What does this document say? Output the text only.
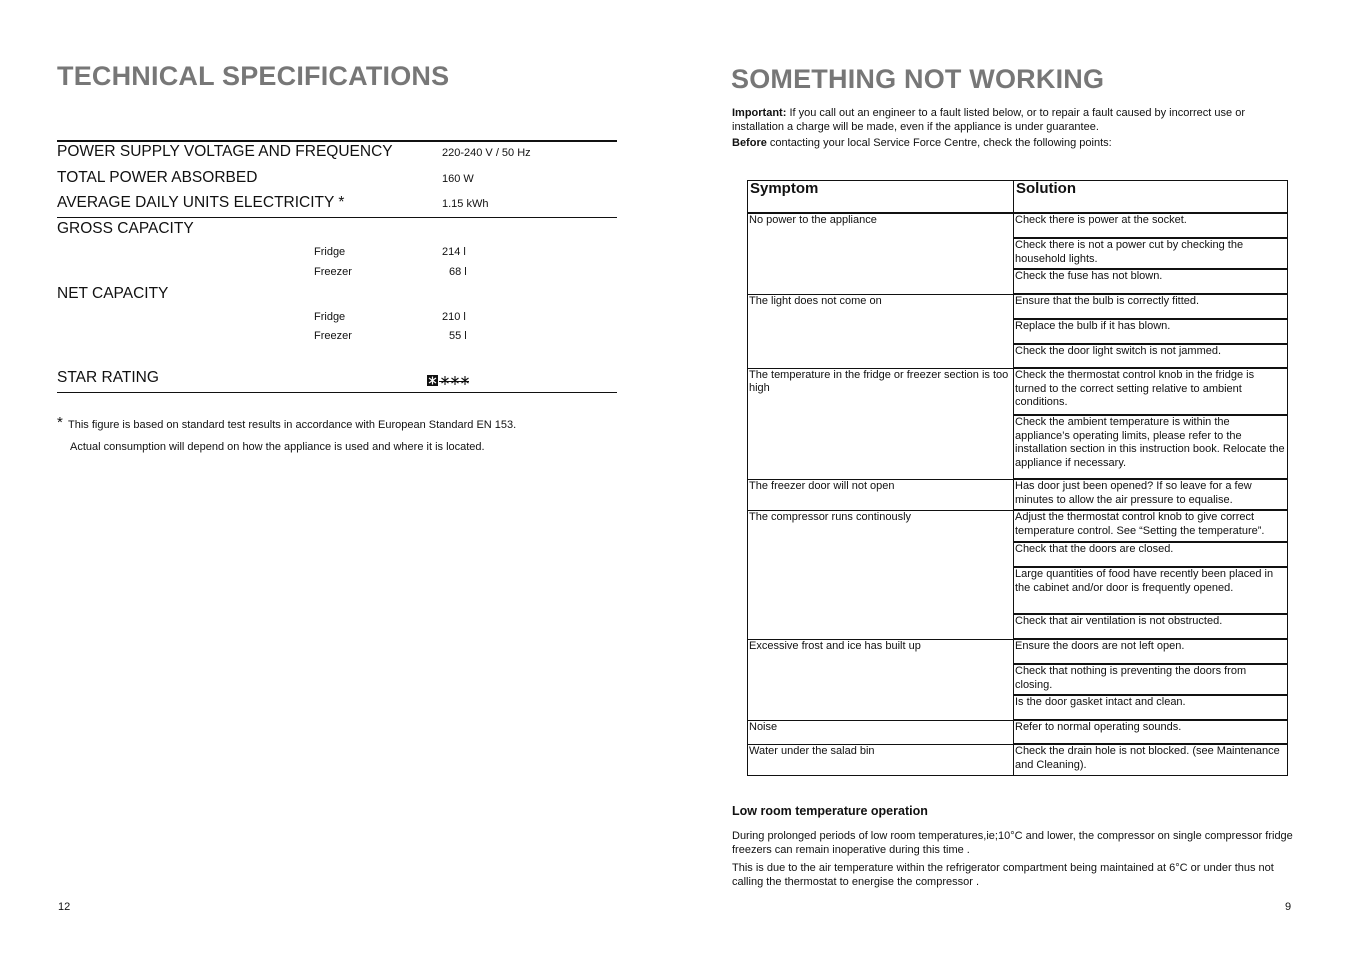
TECHNICAL SPECIFICATIONS
POWER SUPPLY VOLTAGE AND FREQUENCY	220-240 V / 50 Hz
TOTAL POWER ABSORBED	160 W
AVERAGE DAILY UNITS ELECTRICITY *	1.15 kWh
GROSS CAPACITY
Fridge	214 l
Freezer	68 l
NET CAPACITY
Fridge	210 l
Freezer	55 l
STAR RATING
* This figure is based on standard test results in accordance with European Standard EN 153.
Actual consumption will depend on how the appliance is used and where it is located.
12
SOMETHING NOT WORKING

Important: If you call out an engineer to a fault listed below, or to repair a fault caused by incorrect use or installation a charge will be made, even if the appliance is under guarantee.

Before contacting your local Service Force Centre, check the following points:

Symptom	Solution
No power to the appliance	Check there is power at the socket.
	Check there is not a power cut by checking the household lights.
	Check the fuse has not blown.
The light does not come on	Ensure that the bulb is correctly fitted.
	Replace the bulb if it has blown.
	Check the door light switch is not jammed.
The temperature in the fridge or freezer section is too high	Check the thermostat control knob in the fridge is turned to the correct setting relative to ambient conditions.
	Check the ambient temperature is within the appliance’s operating limits, please refer to the installation section in this instruction book. Relocate the appliance if necessary.
The freezer door will not open	Has door just been opened? If so leave for a few minutes to allow the air pressure to equalise.
The compressor runs continously	Adjust the thermostat control knob to give correct temperature control. See “Setting the temperature”.
	Check that the doors are closed.
	Large quantities of food have recently been placed in the cabinet and/or door is frequently opened.
	Check that air ventilation is not obstructed.
Excessive frost and ice has built up	Ensure the doors are not left open.
	Check that nothing is preventing the doors from closing.
	Is the door gasket intact and clean.
Noise	Refer to normal operating sounds.
Water under the salad bin	Check the drain hole is not blocked. (see Maintenance and Cleaning).
Low room temperature operation
During prolonged periods of low room temperatures,ie;10°C and lower, the compressor on single compressor fridge freezers can remain inoperative during this time .
This is due to the air temperature within the refrigerator compartment being maintained at 6°C or under thus not calling the thermostat to energise the compressor .
9
